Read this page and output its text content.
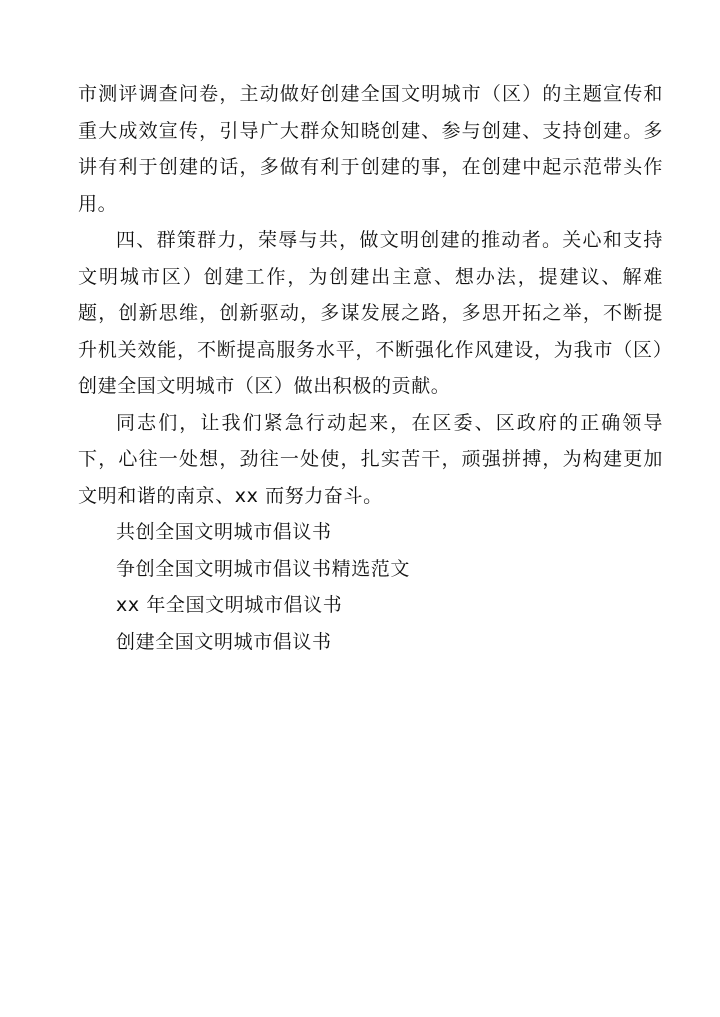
市测评调查问卷，主动做好创建全国文明城市（区）的主题宣传和重大成效宣传，引导广大群众知晓创建、参与创建、支持创建。多讲有利于创建的话，多做有利于创建的事，在创建中起示范带头作用。

四、群策群力，荣辱与共，做文明创建的推动者。关心和支持文明城市区）创建工作，为创建出主意、想办法，提建议、解难题，创新思维，创新驱动，多谋发展之路，多思开拓之举，不断提升机关效能，不断提高服务水平，不断强化作风建设，为我市（区）创建全国文明城市（区）做出积极的贡献。

同志们，让我们紧急行动起来，在区委、区政府的正确领导下，心往一处想，劲往一处使，扎实苦干，顽强拼搏，为构建更加文明和谐的南京、xx 而努力奋斗。

共创全国文明城市倡议书

争创全国文明城市倡议书精选范文

xx 年全国文明城市倡议书

创建全国文明城市倡议书
